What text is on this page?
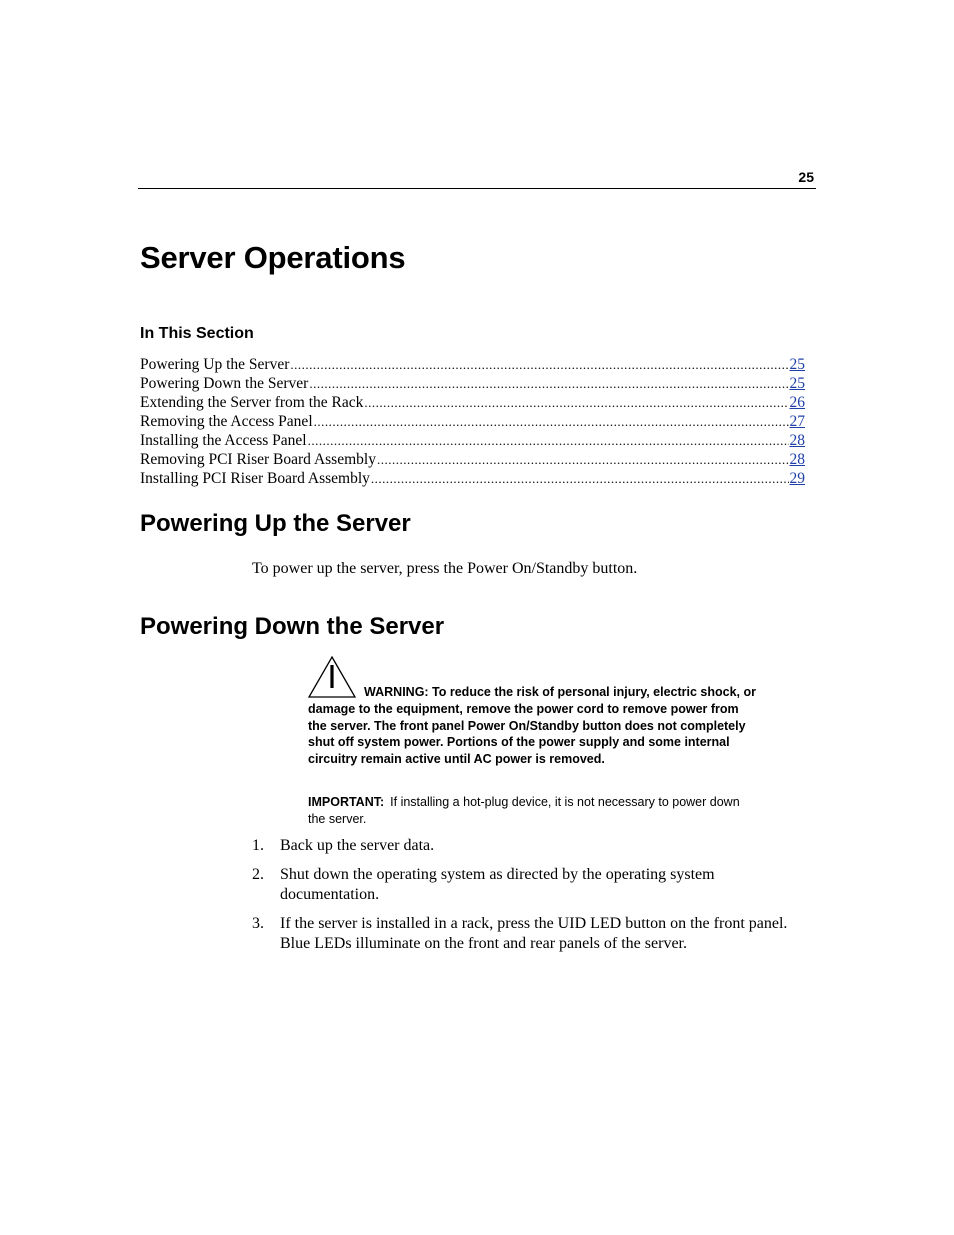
25
Server Operations
In This Section
Powering Up the Server .....	25
Powering Down the Server .....	25
Extending the Server from the Rack .....	26
Removing the Access Panel .....	27
Installing the Access Panel .....	28
Removing PCI Riser Board Assembly .....	28
Installing PCI Riser Board Assembly .....	29
Powering Up the Server
To power up the server, press the Power On/Standby button.
Powering Down the Server
WARNING: To reduce the risk of personal injury, electric shock, or damage to the equipment, remove the power cord to remove power from the server. The front panel Power On/Standby button does not completely shut off system power. Portions of the power supply and some internal circuitry remain active until AC power is removed.
IMPORTANT: If installing a hot-plug device, it is not necessary to power down the server.
1.	Back up the server data.
2.	Shut down the operating system as directed by the operating system documentation.
3.	If the server is installed in a rack, press the UID LED button on the front panel. Blue LEDs illuminate on the front and rear panels of the server.
